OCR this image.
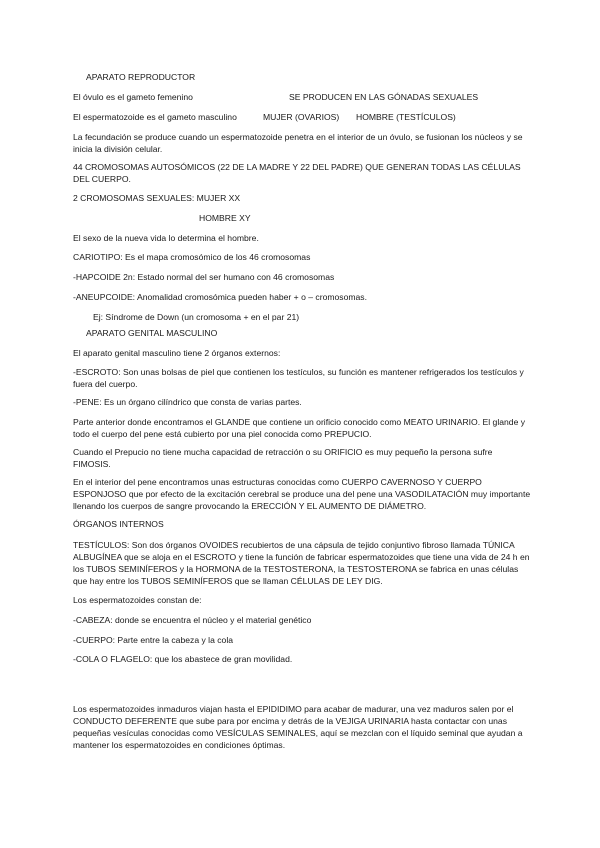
APARATO REPRODUCTOR
El óvulo es el gameto femenino	SE PRODUCEN EN LAS GÓNADAS SEXUALES
El espermatozoide es el gameto masculino	MUJER (OVARIOS) HOMBRE (TESTÍCULOS)
La fecundación se produce cuando un espermatozoide penetra en el interior de un óvulo, se fusionan los núcleos y se inicia la división celular.
44 CROMOSOMAS AUTOSÓMICOS (22 DE LA MADRE Y 22 DEL PADRE) QUE GENERAN TODAS LAS CÉLULAS DEL CUERPO.
2 CROMOSOMAS SEXUALES: MUJER XX
HOMBRE XY
El sexo de la nueva vida lo determina el hombre.
CARIOTIPO: Es el mapa cromosómico de los 46 cromosomas
-HAPCOIDE 2n: Estado normal del ser humano con 46 cromosomas
-ANEUPCOIDE: Anomalidad cromosómica pueden haber + o – cromosomas.
Ej: Síndrome de Down (un cromosoma + en el par 21)
APARATO GENITAL MASCULINO
El aparato genital masculino tiene 2 órganos externos:
-ESCROTO: Son unas bolsas de piel que contienen los testículos, su función es mantener refrigerados los testículos y fuera del cuerpo.
-PENE: Es un órgano cilíndrico que consta de varias partes.
Parte anterior donde encontramos el GLANDE que contiene un orificio conocido como MEATO URINARIO. El glande y todo el cuerpo del pene está cubierto por una piel conocida como PREPUCIO.
Cuando el Prepucio no tiene mucha capacidad de retracción o su ORIFICIO es muy pequeño la persona sufre FIMOSIS.
En el interior del pene encontramos unas estructuras conocidas como CUERPO CAVERNOSO Y CUERPO ESPONJOSO que por efecto de la excitación cerebral se produce una del pene una VASODILATACIÓN muy importante llenando los cuerpos de sangre provocando la ERECCIÓN Y EL AUMENTO DE DIÁMETRO.
ÓRGANOS INTERNOS
TESTÍCULOS: Son dos órganos OVOIDES recubiertos de una cápsula de tejido conjuntivo fibroso llamada TÚNICA ALBUGÍNEA que se aloja en el ESCROTO y tiene la función de fabricar espermatozoides que tiene una vida de 24 h en los TUBOS SEMINÍFEROS y la HORMONA de la TESTOSTERONA, la TESTOSTERONA se fabrica en unas células que hay entre los TUBOS SEMINÍFEROS que se llaman CÉLULAS DE LEY DIG.
Los espermatozoides constan de:
-CABEZA: donde se encuentra el núcleo y el material genético
-CUERPO: Parte entre la cabeza y la cola
-COLA O FLAGELO: que los abastece de gran movilidad.
Los espermatozoides inmaduros viajan hasta el EPIDIDIMO para acabar de madurar, una vez maduros salen por el CONDUCTO DEFERENTE que sube para por encima y detrás de la VEJIGA URINARIA hasta contactar con unas pequeñas vesículas conocidas como VESÍCULAS SEMINALES, aquí se mezclan con el líquido seminal que ayudan a mantener los espermatozoides en condiciones óptimas.
